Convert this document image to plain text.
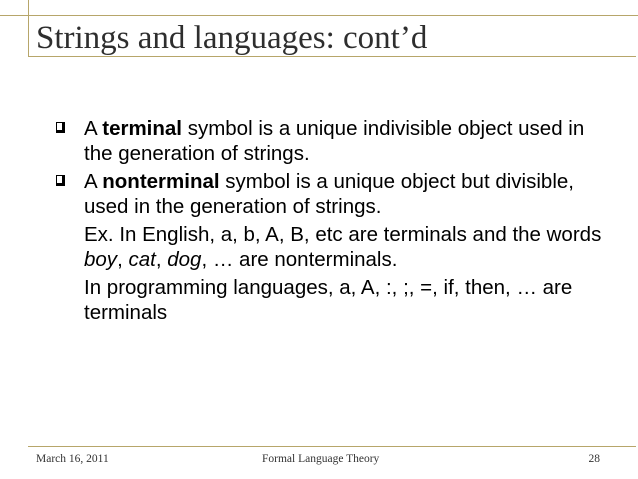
Strings and languages: cont’d

A terminal symbol is a unique indivisible object used in the generation of strings.

A nonterminal symbol is a unique object but divisible, used in the generation of strings.

Ex. In English, a, b, A, B, etc are terminals and the words boy, cat, dog, … are nonterminals.

In programming languages, a, A, :, ;, =, if, then, … are terminals

March 16, 2011	Formal Language Theory	28
